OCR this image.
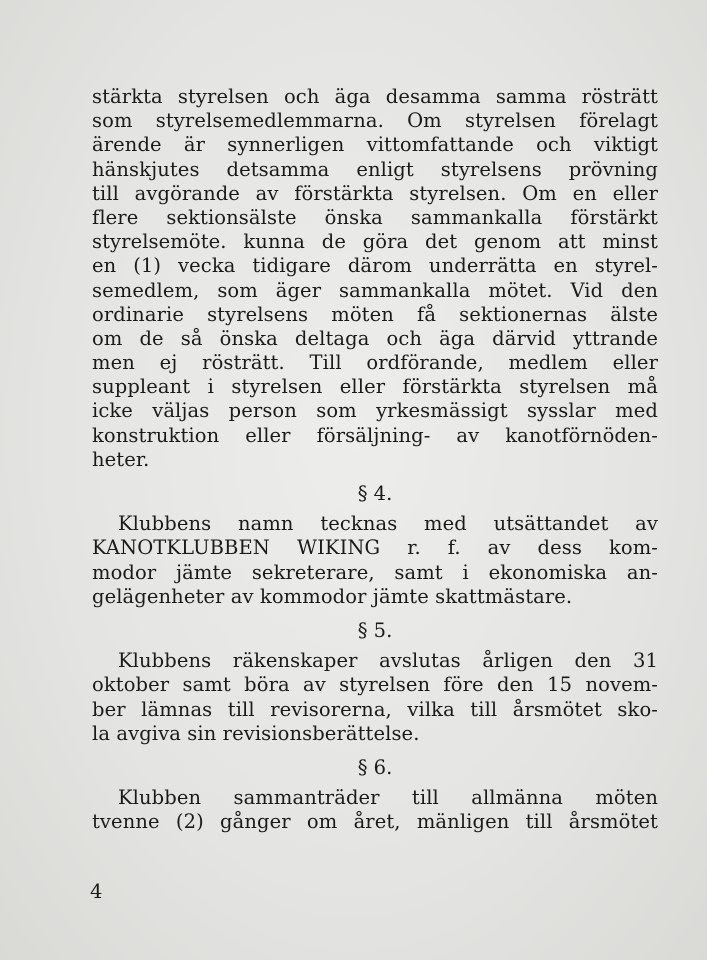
stärkta styrelsen och äga desamma samma rösträtt
som styrelsemedlemmarna. Om styrelsen förelagt
ärende är synnerligen vittomfattande och viktigt
hänskjutes detsamma enligt styrelsens prövning
till avgörande av förstärkta styrelsen. Om en eller
flere sektionsälste önska sammankalla förstärkt
styrelsemöte. kunna de göra det genom att minst
en (1) vecka tidigare därom underrätta en styrel-
semedlem, som äger sammankalla mötet. Vid den
ordinarie styrelsens möten få sektionernas älste
om de så önska deltaga och äga därvid yttrande
men ej rösträtt. Till ordförande, medlem eller
suppleant i styrelsen eller förstärkta styrelsen må
icke väljas person som yrkesmässigt sysslar med
konstruktion eller försäljning- av kanotförnöden-
heter.
§ 4.
Klubbens namn tecknas med utsättandet av
KANOTKLUBBEN WIKING r. f. av dess kom-
modor jämte sekreterare, samt i ekonomiska an-
gelägenheter av kommodor jämte skattmästare.
§ 5.
Klubbens räkenskaper avslutas årligen den 31
oktober samt böra av styrelsen före den 15 novem-
ber lämnas till revisorerna, vilka till årsmötet sko-
la avgiva sin revisionsberättelse.
§ 6.
Klubben sammanträder till allmänna möten
tvenne (2) gånger om året, mänligen till årsmötet
4
